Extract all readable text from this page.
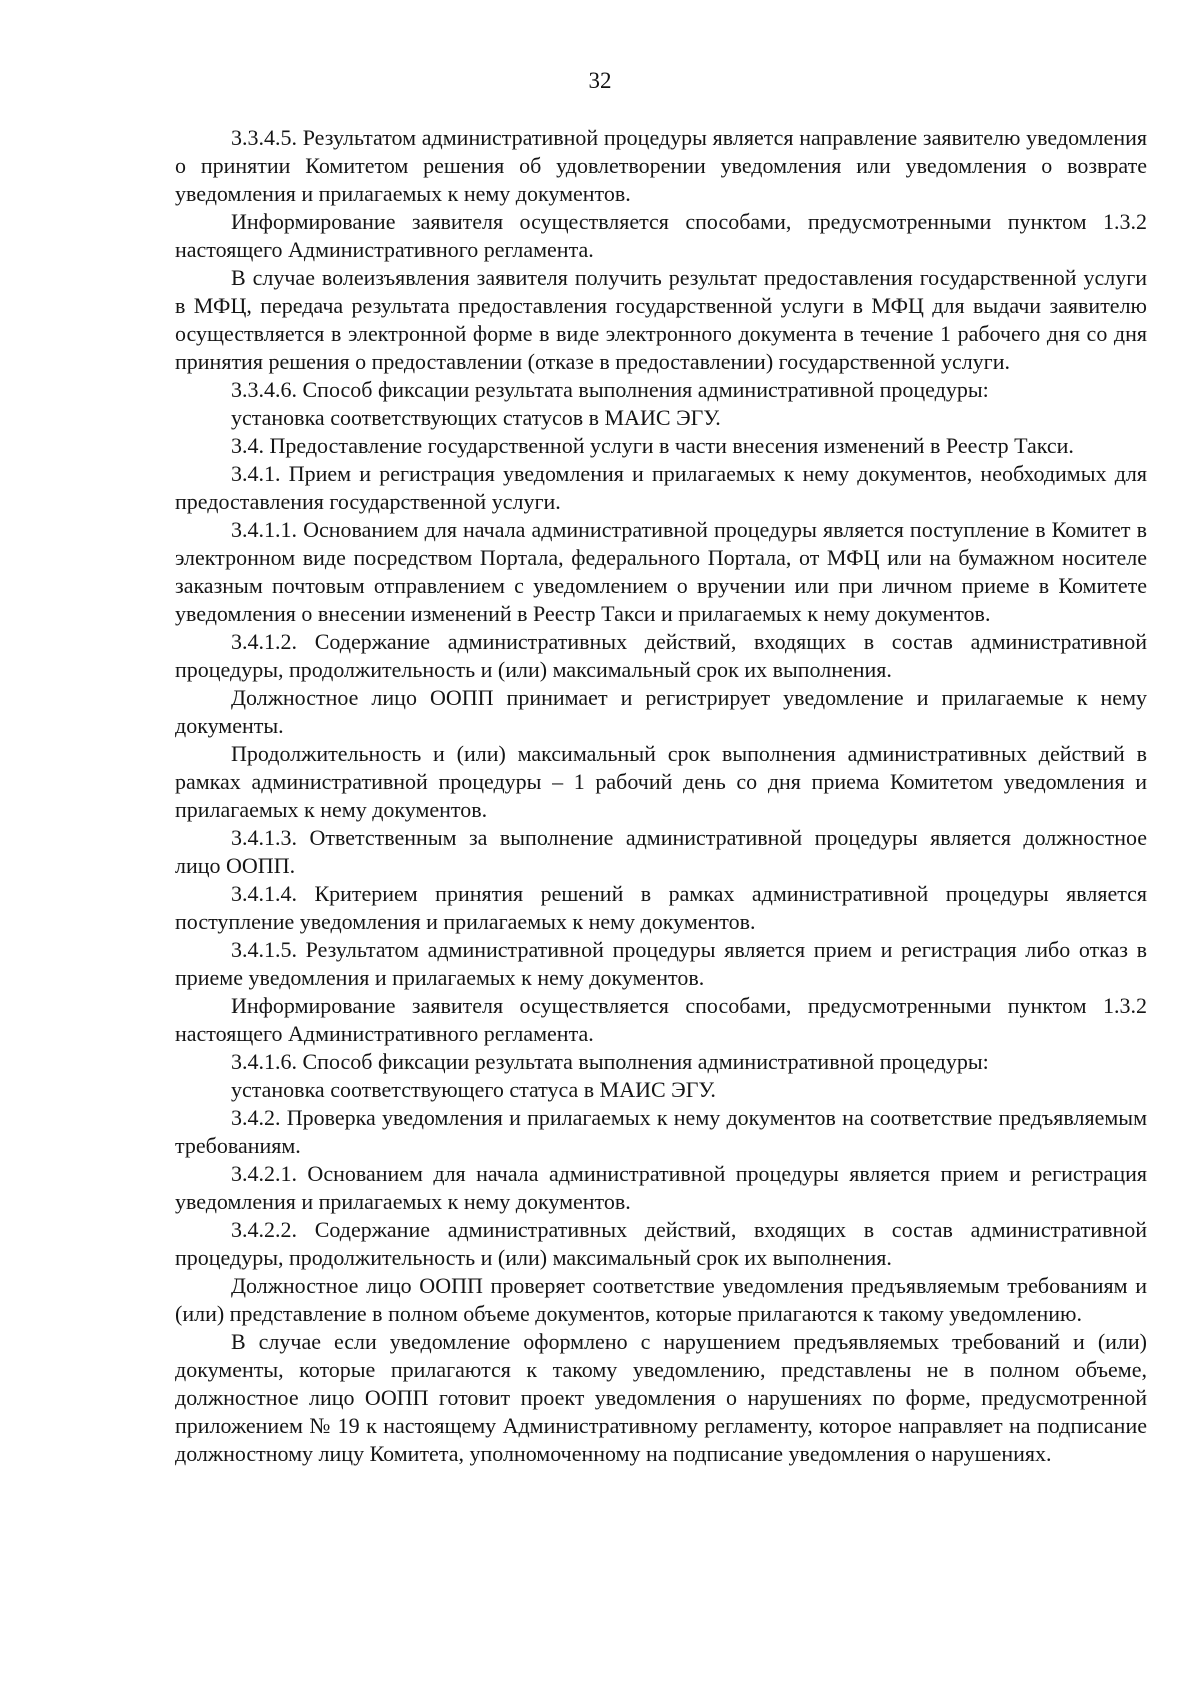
32

3.3.4.5. Результатом административной процедуры является направление заявителю уведомления о принятии Комитетом решения об удовлетворении уведомления или уведомления о возврате уведомления и прилагаемых к нему документов.

Информирование заявителя осуществляется способами, предусмотренными пунктом 1.3.2 настоящего Административного регламента.

В случае волеизъявления заявителя получить результат предоставления государственной услуги в МФЦ, передача результата предоставления государственной услуги в МФЦ для выдачи заявителю осуществляется в электронной форме в виде электронного документа в течение 1 рабочего дня со дня принятия решения о предоставлении (отказе в предоставлении) государственной услуги.

3.3.4.6. Способ фиксации результата выполнения административной процедуры:

установка соответствующих статусов в МАИС ЭГУ.

3.4. Предоставление государственной услуги в части внесения изменений в Реестр Такси.

3.4.1. Прием и регистрация уведомления и прилагаемых к нему документов, необходимых для предоставления государственной услуги.

3.4.1.1. Основанием для начала административной процедуры является поступление в Комитет в электронном виде посредством Портала, федерального Портала, от МФЦ или на бумажном носителе заказным почтовым отправлением с уведомлением о вручении или при личном приеме в Комитете уведомления о внесении изменений в Реестр Такси и прилагаемых к нему документов.

3.4.1.2. Содержание административных действий, входящих в состав административной процедуры, продолжительность и (или) максимальный срок их выполнения.

Должностное лицо ООПП принимает и регистрирует уведомление и прилагаемые к нему документы.

Продолжительность и (или) максимальный срок выполнения административных действий в рамках административной процедуры – 1 рабочий день со дня приема Комитетом уведомления и прилагаемых к нему документов.

3.4.1.3. Ответственным за выполнение административной процедуры является должностное лицо ООПП.

3.4.1.4. Критерием принятия решений в рамках административной процедуры является поступление уведомления и прилагаемых к нему документов.

3.4.1.5. Результатом административной процедуры является прием и регистрация либо отказ в приеме уведомления и прилагаемых к нему документов.

Информирование заявителя осуществляется способами, предусмотренными пунктом 1.3.2 настоящего Административного регламента.

3.4.1.6. Способ фиксации результата выполнения административной процедуры:

установка соответствующего статуса в МАИС ЭГУ.

3.4.2. Проверка уведомления и прилагаемых к нему документов на соответствие предъявляемым требованиям.

3.4.2.1. Основанием для начала административной процедуры является прием и регистрация уведомления и прилагаемых к нему документов.

3.4.2.2. Содержание административных действий, входящих в состав административной процедуры, продолжительность и (или) максимальный срок их выполнения.

Должностное лицо ООПП проверяет соответствие уведомления предъявляемым требованиям и (или) представление в полном объеме документов, которые прилагаются к такому уведомлению.

В случае если уведомление оформлено с нарушением предъявляемых требований и (или) документы, которые прилагаются к такому уведомлению, представлены не в полном объеме, должностное лицо ООПП готовит проект уведомления о нарушениях по форме, предусмотренной приложением № 19 к настоящему Административному регламенту, которое направляет на подписание должностному лицу Комитета, уполномоченному на подписание уведомления о нарушениях.
